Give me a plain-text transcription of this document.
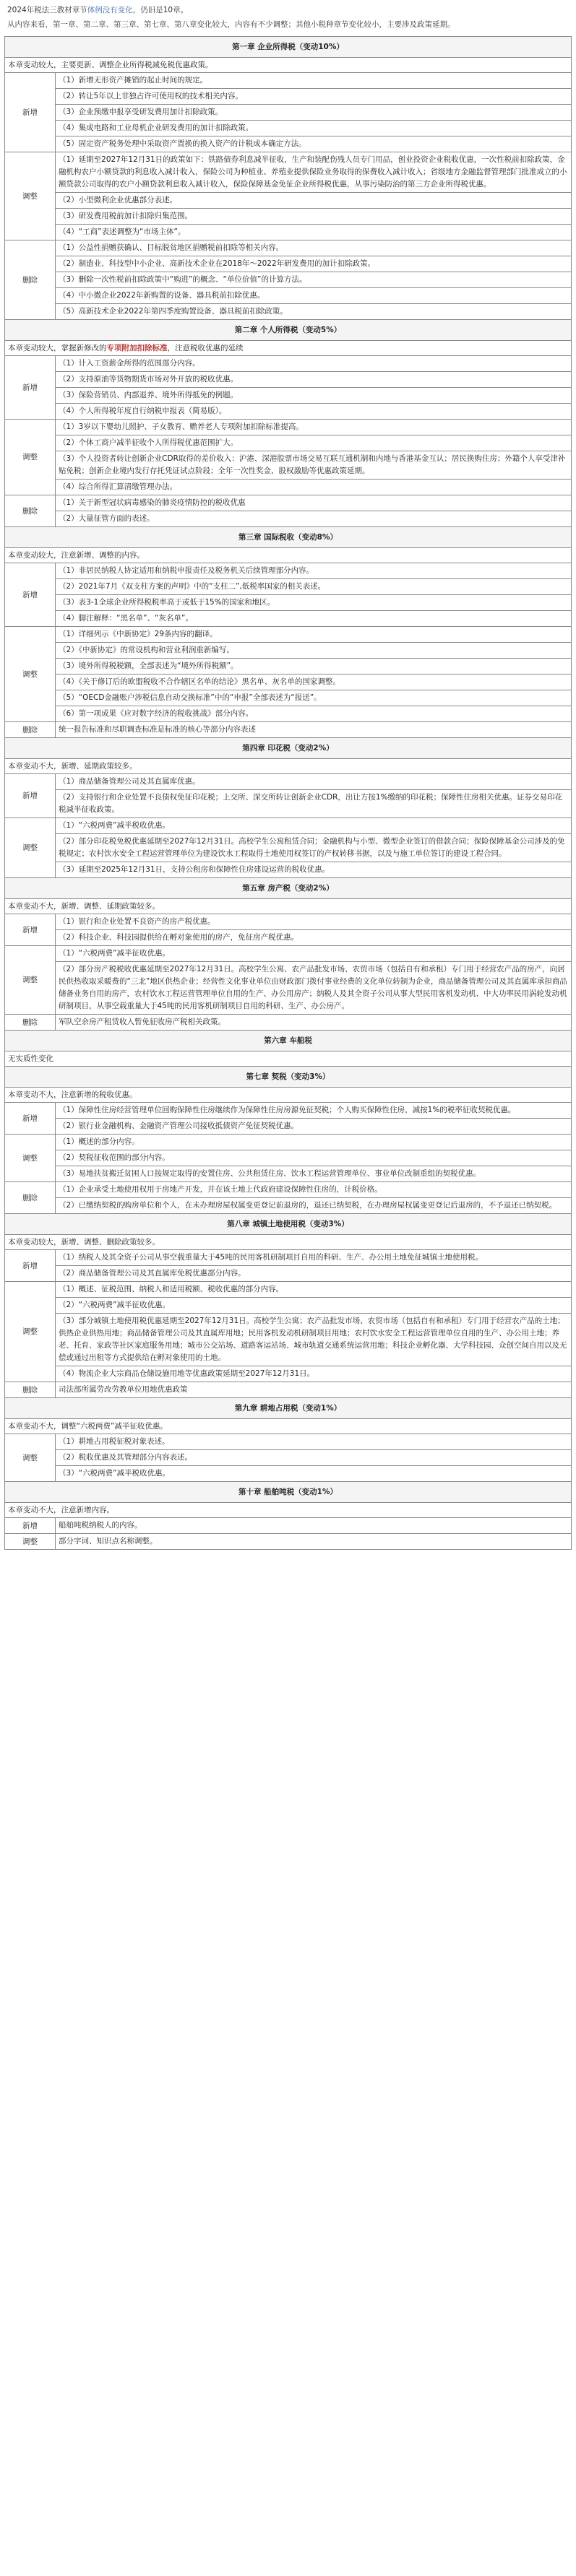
2024年税法三教材章节体例没有变化，仍旧是10章。

从内容来看，第一章、第二章、第三章、第七章、第八章变化较大，内容有不少调整；其他小税种章节变化较小，主要涉及政策延期。

第一章 企业所得税（变动10%）	
本章变动较大，主要更新、调整企业所得税减免税优惠政策。	
新增	（1）新增无形资产摊销的起止时间的规定。
	（2）转让5年以上非独占许可使用权的技术相关内容。
	（3）企业预缴申报享受研发费用加计扣除政策。
	（4）集成电路和工业母机企业研发费用的加计扣除政策。
	（5）固定资产税务处理中采取资产置换的换入资产的计税成本确定方法。
调整	（1）延期至2027年12月31日的政策如下：铁路债券利息减半征收，生产和装配伤残人员专门用品，创业投资企业税收优惠，一次性税前扣除政策，金融机构农户小额贷款的利息收入减计收入，保险公司为种植业、养殖业提供保险业务取得的保费收入减计收入；省级地方金融监督管理部门批准成立的小额贷款公司取得的农户小额贷款利息收入减计收入，保险保障基金免征企业所得税优惠，从事污染防治的第三方企业所得税优惠。
	（2）小型微利企业优惠部分表述。
	（3）研发费用税前加计扣除归集范围。
	（4）“工商”表述调整为“市场主体”。
删除	（1）公益性捐赠获确认、目标脱贫地区捐赠税前扣除等相关内容。
	（2）制造业、科技型中小企业、高新技术企业在2018年～2022年研发费用的加计扣除政策。
	（3）删除一次性税前扣除政策中“购进”的概念、“单位价值”的计算方法。
	（4）中小微企业2022年新购置的设备、器具税前扣除优惠。
	（5）高新技术企业2022年第四季度购置设备、器具税前扣除政策。
第二章 个人所得税（变动5%）	
本章变动较大，掌握新修改的专项附加扣除标准，注意税收优惠的延续	
新增	（1）计入工资薪金所得的范围部分内容。
	（2）支持原油等货物期货市场对外开放的税收优惠。
	（3）保险营销员、内部退养、境外所得抵免的例题。
	（4）个人所得税年度自行纳税申报表（简易版）。
调整	（1）3岁以下婴幼儿照护、子女教育、赡养老人专项附加扣除标准提高。
	（2）个体工商户减半征收个人所得税优惠范围扩大。
	（3）个人投资者转让创新企业CDR取得的差价收入：沪港、深港股票市场交易互联互通机制和内地与香港基金互认；居民换购住房；外籍个人享受津补贴免税；创新企业境内发行存托凭证试点阶段；全年一次性奖金、股权激励等优惠政策延期。
	（4）综合所得汇算清缴管理办法。
删除	（1）关于新型冠状病毒感染的肺炎疫情防控的税收优惠
	（2）大量征管方面的表述。
第三章 国际税收（变动8%）	
本章变动较大，注意新增、调整的内容。	
新增	（1）非居民纳税人协定适用和纳税申报责任及税务机关后续管理部分内容。
	（2）2021年7月《双支柱方案的声明》中的“支柱二”,低税率国家的相关表述。
	（3）表3-1全球企业所得税税率高于或低于15%的国家和地区。
	（4）脚注解释：“黑名单”、“灰名单”。
调整	（1）详细列示《中新协定》29条内容的翻译。
	（2）《中新协定》的常设机构和营业利润重新编写。
	（3）境外所得税税额，全部表述为“境外所得税额”。
	（4）《关于修订后的欧盟税收不合作辖区名单的结论》黑名单、灰名单的国家调整。
	（5）“OECD金融账户涉税信息自动交换标准”中的“申报”全部表述为“报送”。
	（6）第一项成果《应对数字经济的税收挑战》部分内容。
删除	统一报告标准和尽职调查标准是标准的核心等部分内容表述
第四章 印花税（变动2%）	
本章变动不大，新增、延期政策较多。	
新增	（1）商品储备管理公司及其直属库优惠。
	（2）支持银行和企业处置不良债权免征印花税；上交所、深交所转让创新企业CDR，出让方按1%缴纳的印花税；保障性住房相关优惠。证券交易印花税减半征收政策。
调整	（1）“六税两费”减半税收优惠。
	（2）部分印花税免税优惠延期至2027年12月31日。高校学生公寓租赁合同；金融机构与小型、微型企业签订的借款合同；保险保障基金公司涉及的免税规定；农村饮水安全工程运营管理单位为建设饮水工程取得土地使用权签订的产权转移书据，以及与施工单位签订的建设工程合同。
	（3）延期至2025年12月31日，支持公租房和保障性住房建设运营的税收优惠。
第五章 房产税（变动2%）	
本章变动不大，新增、调整、延期政策较多。	
新增	（1）银行和企业处置不良资产的房产税优惠。
	（2）科技企业、科技园提供给在孵对象使用的房产，免征房产税优惠。
调整	（1）“六税两费”减半征收优惠。
	（2）部分房产税税收优惠延期至2027年12月31日。高校学生公寓、农产品批发市场、农贸市场（包括自有和承租）专门用于经营农产品的房产，向居民供热收取采暖费的“三北”地区供热企业；经营性文化事业单位由财政部门拨付事业经费的文化单位转制为企业，商品储备管理公司及其直属库承担商品储备业务自用的房产，农村饮水工程运营管理单位自用的生产、办公用房产；纳税人及其全资子公司从事大型民用客机发动机、中大功率民用涡轮发动机研制项目，从事空载重量大于45吨的民用客机研制项目自用的科研、生产、办公房产。
删除	军队空余房产租赁收入暂免征收房产税相关政策。
第六章 车船税	
无实质性变化	
第七章 契税（变动3%）	
本章变动不大，注意新增的税收优惠。	
新增	（1）保障性住房经营管理单位回购保障性住房继续作为保障性住房房源免征契税；个人购买保障性住房，减按1%的税率征收契税优惠。
	（2）银行业金融机构、金融资产管理公司接收抵债资产免征契税优惠。
调整	（1）概述的部分内容。
	（2）契税征收范围的部分内容。
	（3）易地扶贫搬迁贫困人口按规定取得的安置住房、公共租赁住房、饮水工程运营管理单位、事业单位改制重组的契税优惠。
删除	（1）企业承受土地使用权用于房地产开发，并在该土地上代政府建设保障性住房的，计税价格。
	（2）已缴纳契税的购房单位和个人，在未办理房屋权属变更登记前退房的，退还已纳契税，在办理房屋权属变更登记后退房的，不予退还已纳契税。
第八章 城镇土地使用税（变动3%）	
本章变动较大，新增、调整、删除政策较多。	
新增	（1）纳税人及其全资子公司从事空载重量大于45吨的民用客机研制项目自用的科研、生产、办公用土地免征城镇土地使用税。
	（2）商品储备管理公司及其直属库免税优惠部分内容。
调整	（1）概述、征税范围、纳税人和适用税额、税收优惠的部分内容。
	（2）“六税两费”减半征收优惠。
	（3）部分城镇土地使用税优惠延期至2027年12月31日。高校学生公寓；农产品批发市场、农贸市场（包括自有和承租）专门用于经营农产品的土地；供热企业供热用地；商品储备管理公司及其直属库用地；民用客机发动机研制项目用地；农村饮水安全工程运营管理单位自用的生产、办公用土地；养老、托育、家政等社区家庭服务用地；城市公交站场、道路客运站场、城市轨道交通系统运营用地；科技企业孵化器、大学科技园、众创空间自用以及无偿或通过出租等方式提供给在孵对象使用的土地。
	（4）物流企业大宗商品仓储设施用地等优惠政策延期至2027年12月31日。
删除	司法部所属劳改劳教单位用地优惠政策
第九章 耕地占用税（变动1%）	
本章变动不大，调整“六税两费”减半征收优惠。	
调整	（1）耕地占用税征税对象表述。
	（2）税收优惠及其管理部分内容表述。
	（3）“六税两费”减半税收优惠。
第十章 船舶吨税（变动1%）	
本章变动不大，注意新增内容。	
新增	船舶吨税纳税人的内容。
调整	部分字词、知识点名称调整。
